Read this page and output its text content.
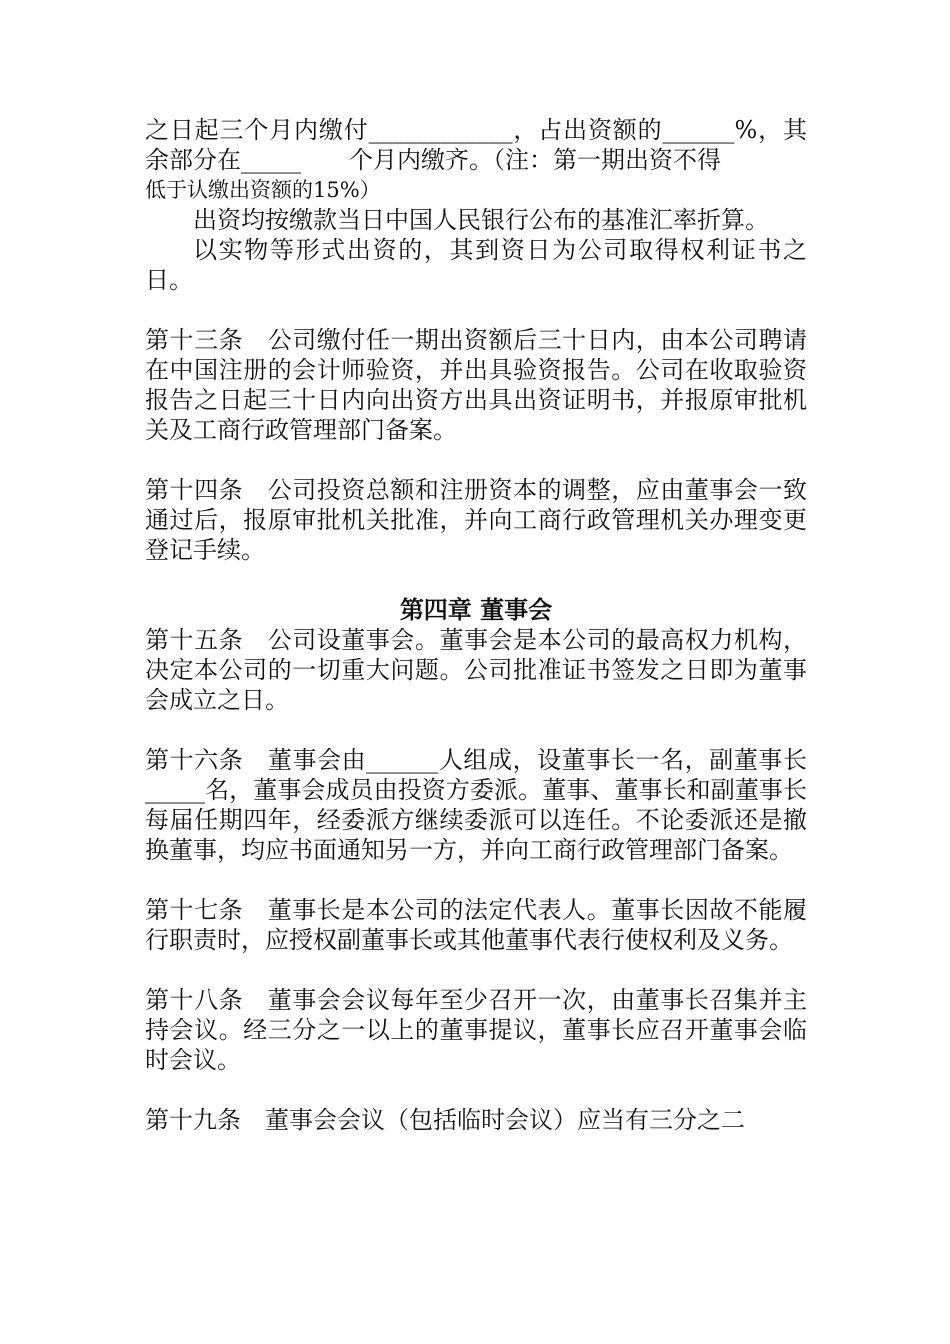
之日起三个月内缴付____________，占出资额的______%，其余部分在_____　　个月内缴齐。（注：第一期出资不得

低于认缴出资额的15%）

出资均按缴款当日中国人民银行公布的基准汇率折算。

以实物等形式出资的，其到资日为公司取得权利证书之日。

第十三条　公司缴付任一期出资额后三十日内，由本公司聘请在中国注册的会计师验资，并出具验资报告。公司在收取验资报告之日起三十日内向出资方出具出资证明书，并报原审批机关及工商行政管理部门备案。

第十四条　公司投资总额和注册资本的调整，应由董事会一致通过后，报原审批机关批准，并向工商行政管理机关办理变更登记手续。

第四章 董事会

第十五条　公司设董事会。董事会是本公司的最高权力机构，决定本公司的一切重大问题。公司批准证书签发之日即为董事会成立之日。

第十六条　董事会由______人组成，设董事长一名，副董事长_____名，董事会成员由投资方委派。董事、董事长和副董事长每届任期四年，经委派方继续委派可以连任。不论委派还是撤换董事，均应书面通知另一方，并向工商行政管理部门备案。

第十七条　董事长是本公司的法定代表人。董事长因故不能履行职责时，应授权副董事长或其他董事代表行使权利及义务。

第十八条　董事会会议每年至少召开一次，由董事长召集并主持会议。经三分之一以上的董事提议，董事长应召开董事会临时会议。

第十九条　董事会会议（包括临时会议）应当有三分之二
